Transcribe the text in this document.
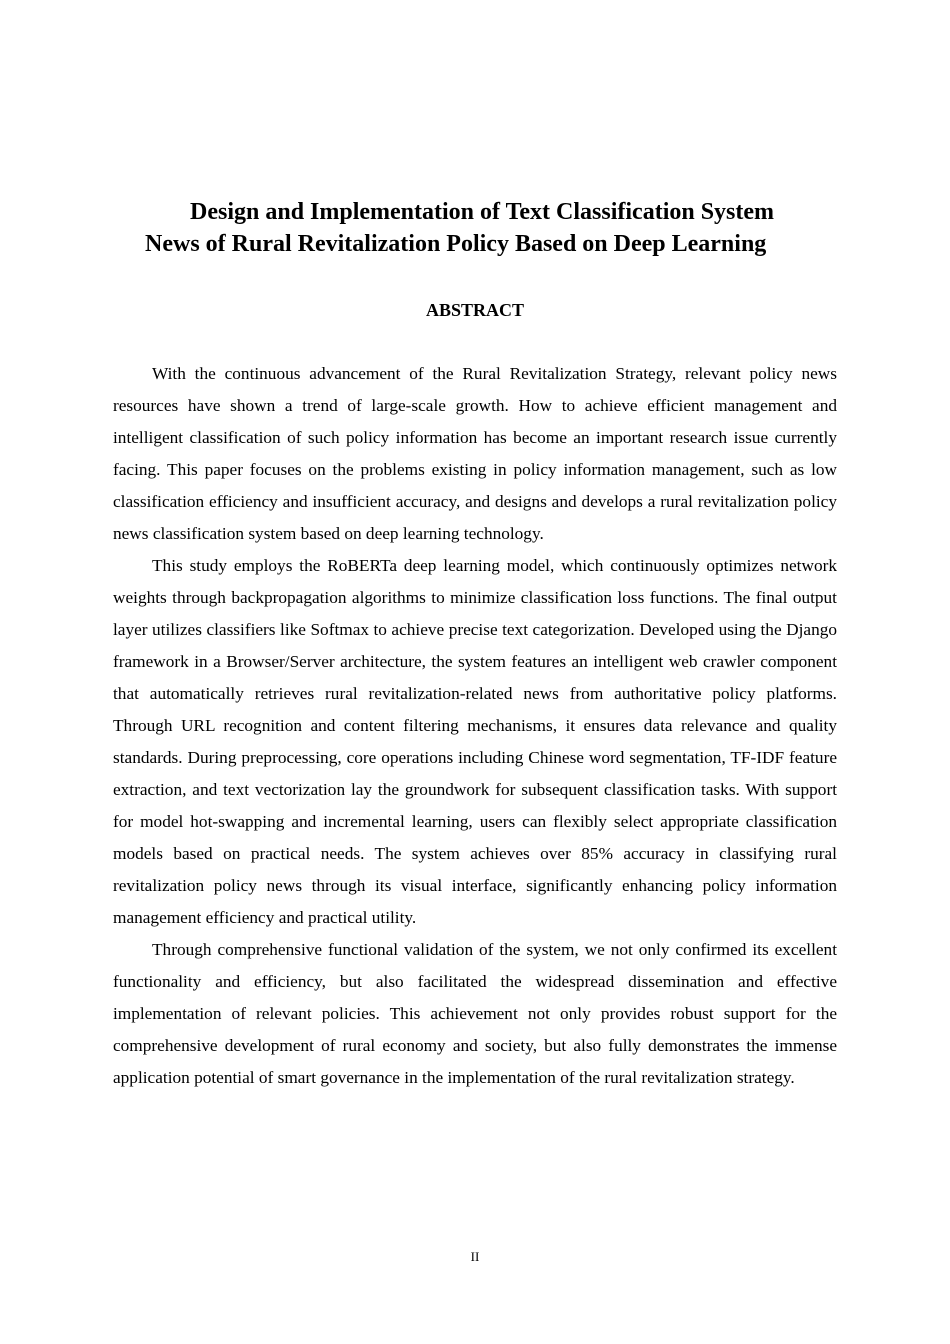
Design and Implementation of Text Classification System
News of Rural Revitalization Policy Based on Deep Learning
ABSTRACT

With the continuous advancement of the Rural Revitalization Strategy, relevant policy news resources have shown a trend of large-scale growth. How to achieve efficient management and intelligent classification of such policy information has become an important research issue currently facing. This paper focuses on the problems existing in policy information management, such as low classification efficiency and insufficient accuracy, and designs and develops a rural revitalization policy news classification system based on deep learning technology.

This study employs the RoBERTa deep learning model, which continuously optimizes network weights through backpropagation algorithms to minimize classification loss functions. The final output layer utilizes classifiers like Softmax to achieve precise text categorization. Developed using the Django framework in a Browser/Server architecture, the system features an intelligent web crawler component that automatically retrieves rural revitalization-related news from authoritative policy platforms. Through URL recognition and content filtering mechanisms, it ensures data relevance and quality standards. During preprocessing, core operations including Chinese word segmentation, TF-IDF feature extraction, and text vectorization lay the groundwork for subsequent classification tasks. With support for model hot-swapping and incremental learning, users can flexibly select appropriate classification models based on practical needs. The system achieves over 85% accuracy in classifying rural revitalization policy news through its visual interface, significantly enhancing policy information management efficiency and practical utility.

Through comprehensive functional validation of the system, we not only confirmed its excellent functionality and efficiency, but also facilitated the widespread dissemination and effective implementation of relevant policies. This achievement not only provides robust support for the comprehensive development of rural economy and society, but also fully demonstrates the immense application potential of smart governance in the implementation of the rural revitalization strategy.

II
